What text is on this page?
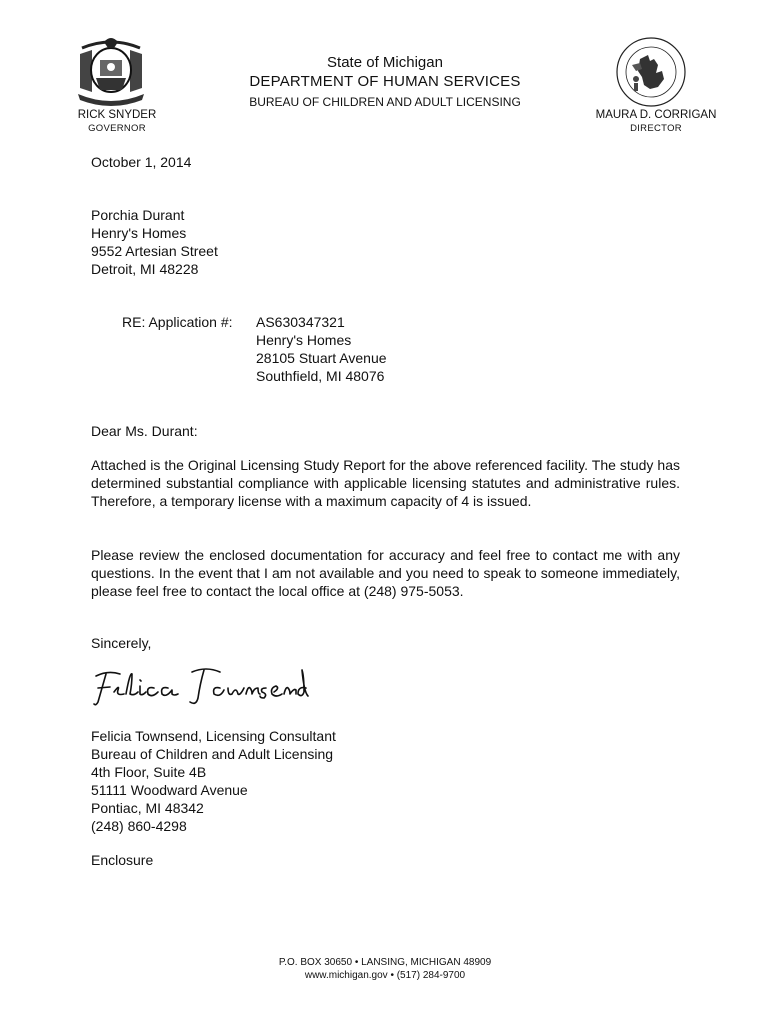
State of Michigan
DEPARTMENT OF HUMAN SERVICES
BUREAU OF CHILDREN AND ADULT LICENSING
RICK SNYDER
GOVERNOR
MAURA D. CORRIGAN
DIRECTOR
October 1, 2014
Porchia Durant
Henry's Homes
9552 Artesian Street
Detroit, MI 48228
RE: Application #: AS630347321
Henry's Homes
28105 Stuart Avenue
Southfield, MI 48076
Dear Ms. Durant:
Attached is the Original Licensing Study Report for the above referenced facility. The study has determined substantial compliance with applicable licensing statutes and administrative rules. Therefore, a temporary license with a maximum capacity of 4 is issued.
Please review the enclosed documentation for accuracy and feel free to contact me with any questions. In the event that I am not available and you need to speak to someone immediately, please feel free to contact the local office at (248) 975-5053.
Sincerely,
Felicia Townsend, Licensing Consultant
Bureau of Children and Adult Licensing
4th Floor, Suite 4B
51111 Woodward Avenue
Pontiac, MI 48342
(248) 860-4298
Enclosure
P.O. BOX 30650 • LANSING, MICHIGAN 48909
www.michigan.gov • (517) 284-9700
